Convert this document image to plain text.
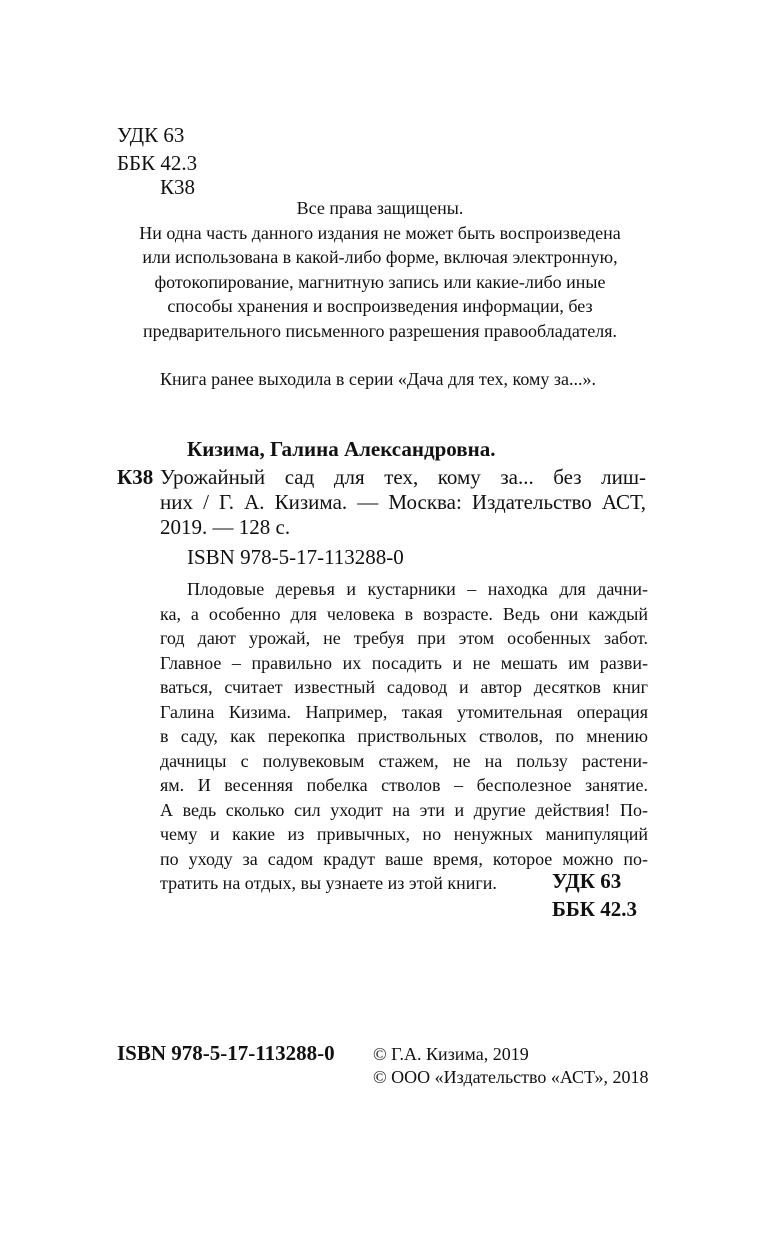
УДК 63
ББК 42.3
К38
Все права защищены.
Ни одна часть данного издания не может быть воспроизведена
или использована в какой-либо форме, включая электронную,
фотокопирование, магнитную запись или какие-либо иные
способы хранения и воспроизведения информации, без
предварительного письменного разрешения правообладателя.
Книга ранее выходила в серии «Дача для тех, кому за...».
Кизима, Галина Александровна.
К38 Урожайный сад для тех, кому за... без лиш-
них / Г. А. Кизима. — Москва: Издательство АСТ,
2019. — 128 с.
ISBN 978-5-17-113288-0
Плодовые деревья и кустарники – находка для дачни-
ка, а особенно для человека в возрасте. Ведь они каждый
год дают урожай, не требуя при этом особенных забот.
Главное – правильно их посадить и не мешать им разви-
ваться, считает известный садовод и автор десятков книг
Галина Кизима. Например, такая утомительная операция
в саду, как перекопка приствольных стволов, по мнению
дачницы с полувековым стажем, не на пользу растени-
ям. И весенняя побелка стволов – бесполезное занятие.
А ведь сколько сил уходит на эти и другие действия! По-
чему и какие из привычных, но ненужных манипуляций
по уходу за садом крадут ваше время, которое можно по-
тратить на отдых, вы узнаете из этой книги.	УДК 63
ББК 42.3
ISBN 978-5-17-113288-0 © Г.А. Кизима, 2019
© ООО «Издательство «АСТ», 2018
